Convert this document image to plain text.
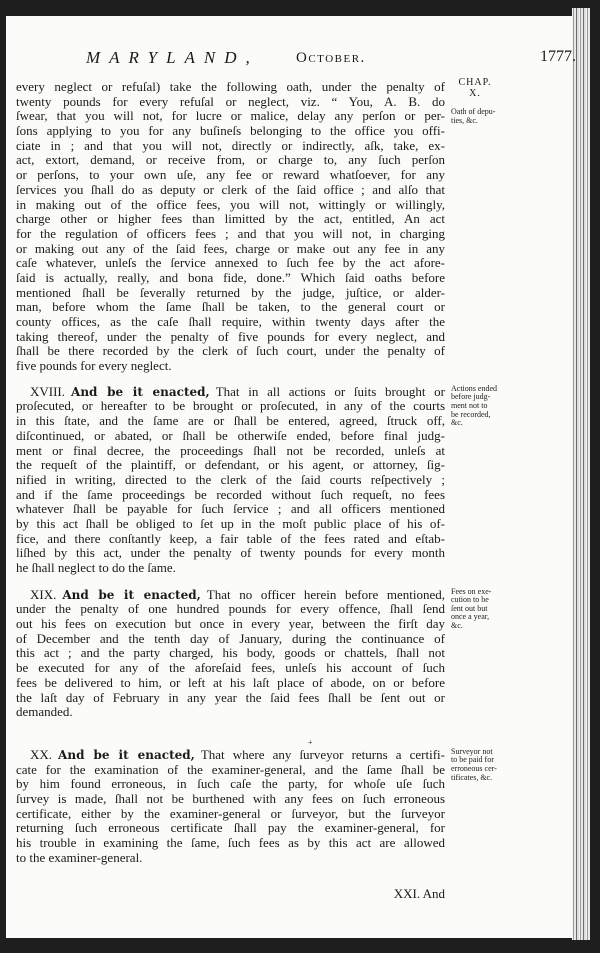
MARYLAND, October.	1777.
every neglect or refuſal) take the following oath, under the penalty of
twenty pounds for every refuſal or neglect, viz. “ You, A. B. do
ſwear, that you will not, for lucre or malice, delay any perſon or per-
ſons applying to you for any buſineſs belonging to the office you offi-
ciate in ; and that you will not, directly or indirectly, aſk, take, ex-
act, extort, demand, or receive from, or charge to, any ſuch perſon
or perſons, to your own uſe, any fee or reward whatſoever, for any
ſervices you ſhall do as deputy or clerk of the ſaid office ; and alſo that
in making out of the office fees, you will not, wittingly or willingly,
charge other or higher fees than limitted by the act, entitled, An act
for the regulation of officers fees ; and that you will not, in charging
or making out any of the ſaid fees, charge or make out any fee in any
caſe whatever, unleſs the ſervice annexed to ſuch fee by the act afore-
ſaid is actually, really, and bona fide, done.” Which ſaid oaths before
mentioned ſhall be ſeverally returned by the judge, juſtice, or alder-
man, before whom the ſame ſhall be taken, to the general court or
county offices, as the caſe ſhall require, within twenty days after the
taking thereof, under the penalty of five pounds for every neglect, and
ſhall be there recorded by the clerk of ſuch court, under the penalty of
five pounds for every neglect.
CHAP.
X.
Oath of depu-
ties, &c.
XVIII. And be it enacted, That in all actions or ſuits brought or
proſecuted, or hereafter to be brought or proſecuted, in any of the courts
in this ſtate, and the ſame are or ſhall be entered, agreed, ſtruck off,
diſcontinued, or abated, or ſhall be otherwiſe ended, before final judg-
ment or final decree, the proceedings ſhall not be recorded, unleſs at
the requeſt of the plaintiff, or defendant, or his agent, or attorney, ſig-
nified in writing, directed to the clerk of the ſaid courts reſpectively ;
and if the ſame proceedings be recorded without ſuch requeſt, no fees
whatever ſhall be payable for ſuch ſervice ; and all officers mentioned
by this act ſhall be obliged to ſet up in the moſt public place of his of-
fice, and there conſtantly keep, a fair table of the fees rated and eſtab-
liſhed by this act, under the penalty of twenty pounds for every month
he ſhall neglect to do the ſame.
Actions ended
before judg-
ment not to
be recorded,
&c.
XIX. And be it enacted, That no officer herein before mentioned,
under the penalty of one hundred pounds for every offence, ſhall ſend
out his fees on execution but once in every year, between the firſt day
of December and the tenth day of January, during the continuance of
this act ; and the party charged, his body, goods or chattels, ſhall not
be executed for any of the aforeſaid fees, unleſs his account of ſuch
fees be delivered to him, or left at his laſt place of abode, on or before
the laſt day of February in any year the ſaid fees ſhall be ſent out or
demanded.
Fees on exe-
cution to be
ſent out but
once a year,
&c.
XX. And be it enacted, That where any ſurveyor returns a certifi-
cate for the examination of the examiner-general, and the ſame ſhall be
by him found erroneous, in ſuch caſe the party, for whoſe uſe ſuch
ſurvey is made, ſhall not be burthened with any fees on ſuch erroneous
certificate, either by the examiner-general or ſurveyor, but the ſurveyor
returning ſuch erroneous certificate ſhall pay the examiner-general, for
his trouble in examining the ſame, ſuch fees as by this act are allowed
to the examiner-general.
Surveyor not
to be paid for
erroneous cer-
tificates, &c.
+
XXI. And
